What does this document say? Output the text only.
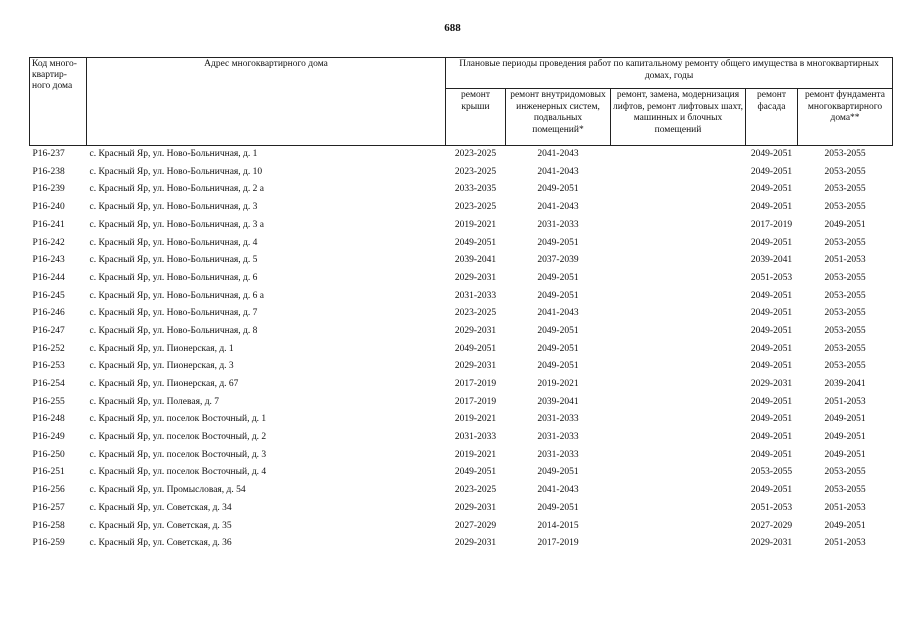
688
Код много-квартир-ного дома	Адрес многоквартирного дома	Плановые периоды проведения работ по капитальному ремонту общего имущества в многоквартирных домах, годы				
		ремонт крыши	ремонт внутридомовых инженерных систем, подвальных помещений*	ремонт, замена, модернизация лифтов, ремонт лифтовых шахт, машинных и блочных помещений	ремонт фасада	ремонт фундамента многоквартирного дома**
P16-237	с. Красный Яр, ул. Ново-Больничная, д. 1	2023-2025	2041-2043		2049-2051	2053-2055
P16-238	с. Красный Яр, ул. Ново-Больничная, д. 10	2023-2025	2041-2043		2049-2051	2053-2055
P16-239	с. Красный Яр, ул. Ново-Больничная, д. 2 а	2033-2035	2049-2051		2049-2051	2053-2055
P16-240	с. Красный Яр, ул. Ново-Больничная, д. 3	2023-2025	2041-2043		2049-2051	2053-2055
P16-241	с. Красный Яр, ул. Ново-Больничная, д. 3 а	2019-2021	2031-2033		2017-2019	2049-2051
P16-242	с. Красный Яр, ул. Ново-Больничная, д. 4	2049-2051	2049-2051		2049-2051	2053-2055
P16-243	с. Красный Яр, ул. Ново-Больничная, д. 5	2039-2041	2037-2039		2039-2041	2051-2053
P16-244	с. Красный Яр, ул. Ново-Больничная, д. 6	2029-2031	2049-2051		2051-2053	2053-2055
P16-245	с. Красный Яр, ул. Ново-Больничная, д. 6 а	2031-2033	2049-2051		2049-2051	2053-2055
P16-246	с. Красный Яр, ул. Ново-Больничная, д. 7	2023-2025	2041-2043		2049-2051	2053-2055
P16-247	с. Красный Яр, ул. Ново-Больничная, д. 8	2029-2031	2049-2051		2049-2051	2053-2055
P16-252	с. Красный Яр, ул. Пионерская, д. 1	2049-2051	2049-2051		2049-2051	2053-2055
P16-253	с. Красный Яр, ул. Пионерская, д. 3	2029-2031	2049-2051		2049-2051	2053-2055
P16-254	с. Красный Яр, ул. Пионерская, д. 67	2017-2019	2019-2021		2029-2031	2039-2041
P16-255	с. Красный Яр, ул. Полевая, д. 7	2017-2019	2039-2041		2049-2051	2051-2053
P16-248	с. Красный Яр, ул. поселок Восточный, д. 1	2019-2021	2031-2033		2049-2051	2049-2051
P16-249	с. Красный Яр, ул. поселок Восточный, д. 2	2031-2033	2031-2033		2049-2051	2049-2051
P16-250	с. Красный Яр, ул. поселок Восточный, д. 3	2019-2021	2031-2033		2049-2051	2049-2051
P16-251	с. Красный Яр, ул. поселок Восточный, д. 4	2049-2051	2049-2051		2053-2055	2053-2055
P16-256	с. Красный Яр, ул. Промысловая, д. 54	2023-2025	2041-2043		2049-2051	2053-2055
P16-257	с. Красный Яр, ул. Советская, д. 34	2029-2031	2049-2051		2051-2053	2051-2053
P16-258	с. Красный Яр, ул. Советская, д. 35	2027-2029	2014-2015		2027-2029	2049-2051
P16-259	с. Красный Яр, ул. Советская, д. 36	2029-2031	2017-2019		2029-2031	2051-2053
